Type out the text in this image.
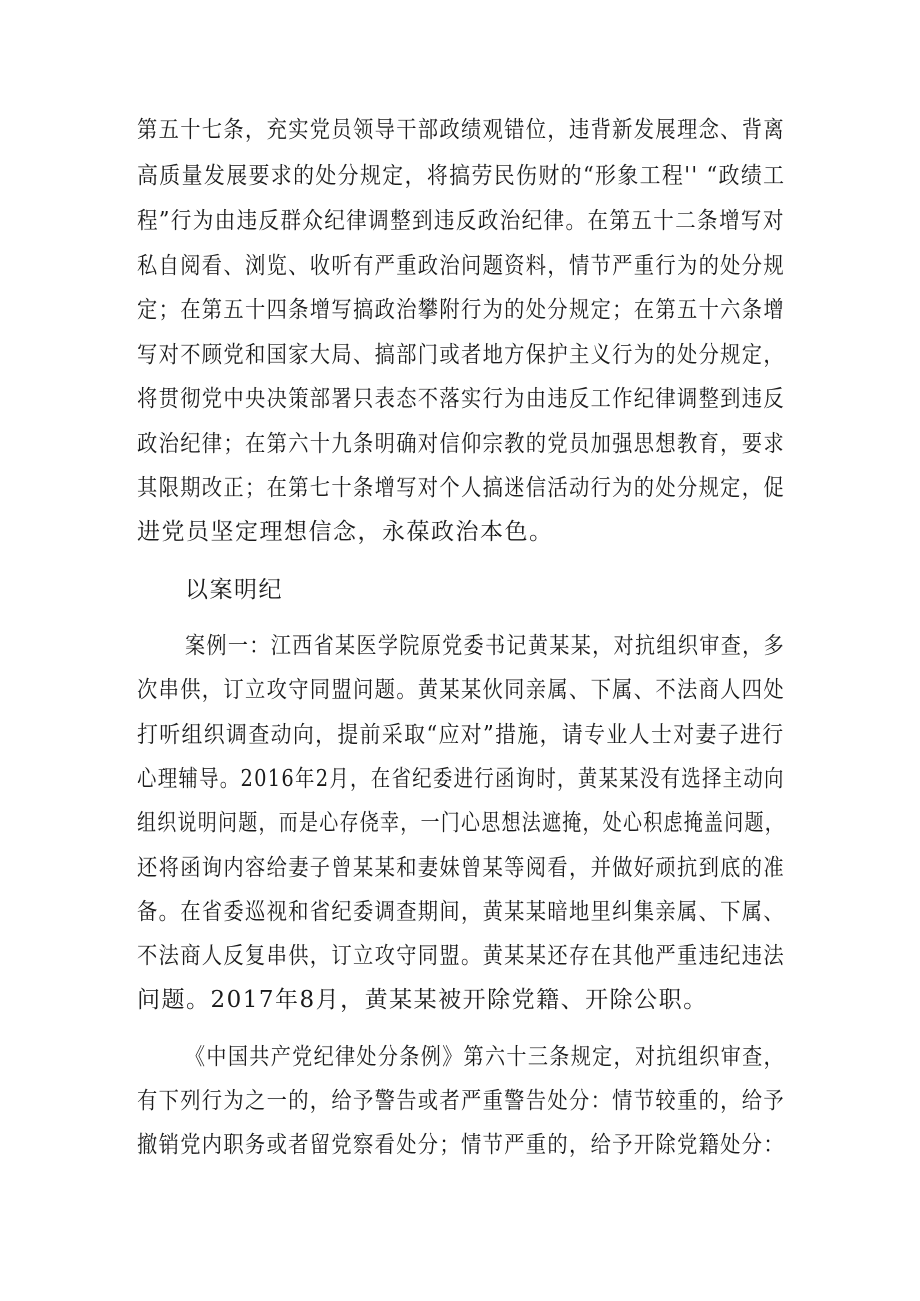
第五十七条，充实党员领导干部政绩观错位，违背新发展理念、背离
高质量发展要求的处分规定，将搞劳民伤财的“形象工程'' “政绩工
程”行为由违反群众纪律调整到违反政治纪律。在第五十二条增写对
私自阅看、浏览、收听有严重政治问题资料，情节严重行为的处分规
定；在第五十四条增写搞政治攀附行为的处分规定；在第五十六条增
写对不顾党和国家大局、搞部门或者地方保护主义行为的处分规定，
将贯彻党中央决策部署只表态不落实行为由违反工作纪律调整到违反
政治纪律；在第六十九条明确对信仰宗教的党员加强思想教育，要求
其限期改正；在第七十条增写对个人搞迷信活动行为的处分规定，促
进党员坚定理想信念，永葆政治本色。
以案明纪
案例一：江西省某医学院原党委书记黄某某，对抗组织审查，多
次串供，订立攻守同盟问题。黄某某伙同亲属、下属、不法商人四处
打听组织调查动向，提前采取“应对”措施，请专业人士对妻子进行
心理辅导。2016年2月，在省纪委进行函询时，黄某某没有选择主动向
组织说明问题，而是心存侥幸，一门心思想法遮掩，处心积虑掩盖问题，
还将函询内容给妻子曾某某和妻妹曾某等阅看，并做好顽抗到底的准
备。在省委巡视和省纪委调查期间，黄某某暗地里纠集亲属、下属、
不法商人反复串供，订立攻守同盟。黄某某还存在其他严重违纪违法
问题。2017年8月，黄某某被开除党籍、开除公职。
《中国共产党纪律处分条例》第六十三条规定，对抗组织审查，
有下列行为之一的，给予警告或者严重警告处分：情节较重的，给予
撤销党内职务或者留党察看处分；情节严重的，给予开除党籍处分：
